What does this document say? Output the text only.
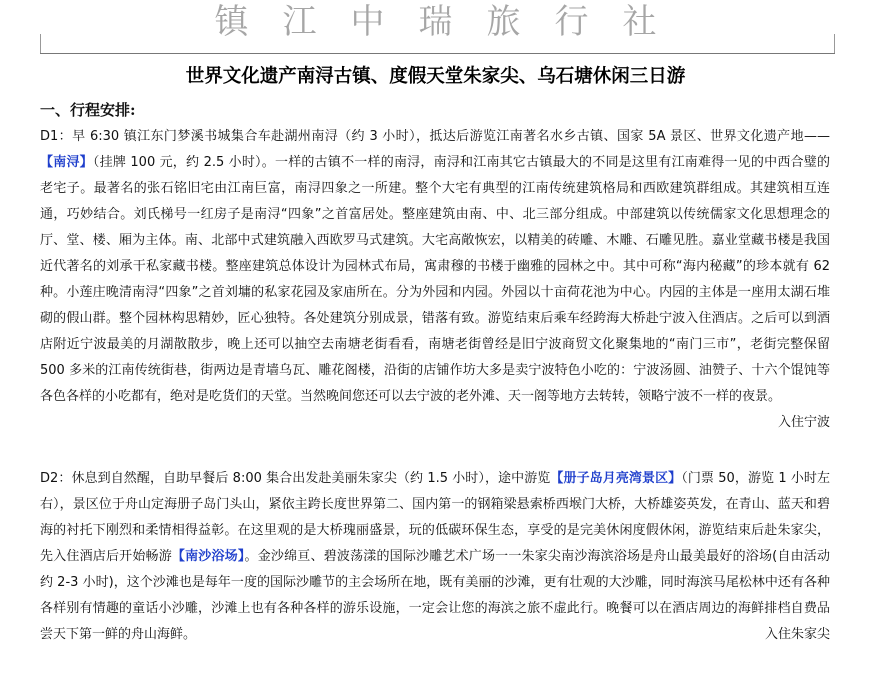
镇江中瑞旅行社
世界文化遗产南浔古镇、度假天堂朱家尖、乌石塘休闲三日游
一、行程安排:
D1：早 6:30 镇江东门梦溪书城集合车赴湖州南浔（约 3 小时），抵达后游览江南著名水乡古镇、国家 5A 景区、世界文化遗产地——【南浔】（挂牌 100 元，约 2.5 小时）。一样的古镇不一样的南浔，南浔和江南其它古镇最大的不同是这里有江南难得一见的中西合璧的老宅子。最著名的张石铭旧宅由江南巨富，南浔四象之一所建。整个大宅有典型的江南传统建筑格局和西欧建筑群组成。其建筑相互连通，巧妙结合。刘氏梯号一红房子是南浔“四象”之首富居处。整座建筑由南、中、北三部分组成。中部建筑以传统儒家文化思想理念的厅、堂、楼、厢为主体。南、北部中式建筑融入西欧罗马式建筑。大宅高敞恢宏，以精美的砖雕、木雕、石雕见胜。嘉业堂藏书楼是我国近代著名的刘承干私家藏书楼。整座建筑总体设计为园林式布局，寓肃穆的书楼于幽雅的园林之中。其中可称“海内秘藏”的珍本就有 62 种。小莲庄晚清南浔“四象”之首刘墉的私家花园及家庙所在。分为外园和内园。外园以十亩荷花池为中心。内园的主体是一座用太湖石堆砌的假山群。整个园林构思精妙，匠心独特。各处建筑分别成景，错落有致。游览结束后乘车经跨海大桥赴宁波入住酒店。之后可以到酒店附近宁波最美的月湖散散步，晚上还可以抽空去南塘老街看看，南塘老街曾经是旧宁波商贸文化聚集地的“南门三市”，老街完整保留 500 多米的江南传统街巷，街两边是青墙乌瓦、雕花阁楼，沿街的店铺作坊大多是卖宁波特色小吃的：宁波汤圆、油赞子、十六个馄饨等各色各样的小吃都有，绝对是吃货们的天堂。当然晚间您还可以去宁波的老外滩、天一阁等地方去转转，领略宁波不一样的夜景。
入住宁波
D2：休息到自然醒，自助早餐后 8:00 集合出发赴美丽朱家尖（约 1.5 小时），途中游览【册子岛月亮湾景区】（门票 50，游览 1 小时左右），景区位于舟山定海册子岛门头山，紧依主跨长度世界第二、国内第一的钢箱梁悬索桥西堠门大桥，大桥雄姿英发，在青山、蓝天和碧海的衬托下刚烈和柔情相得益彰。在这里观的是大桥瑰丽盛景，玩的低碳环保生态，享受的是完美休闲度假休闲，游览结束后赴朱家尖，先入住酒店后开始畅游【南沙浴场】。金沙绵亘、碧波荡漾的国际沙雕艺术广场一一朱家尖南沙海滨浴场是舟山最美最好的浴场(自由活动约 2-3 小时)，这个沙滩也是每年一度的国际沙雕节的主会场所在地，既有美丽的沙滩，更有壮观的大沙雕，同时海滨马尾松林中还有各种各样别有情趣的童话小沙雕，沙滩上也有各种各样的游乐设施，一定会让您的海滨之旅不虚此行。晚餐可以在酒店周边的海鲜排档自费品尝天下第一鲜的舟山海鲜。	入住朱家尖
